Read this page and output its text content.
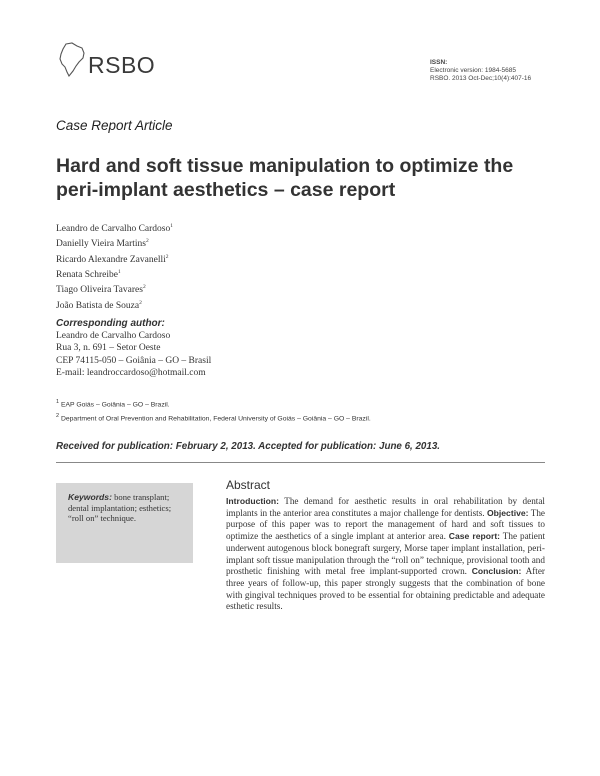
RSBO	ISSN:
Electronic version: 1984-5685
RSBO. 2013 Oct-Dec;10(4):407-16
Case Report Article
Hard and soft tissue manipulation to optimize the peri-implant aesthetics – case report
Leandro de Carvalho Cardoso$^1$
Danielly Vieira Martins$^2$
Ricardo Alexandre Zavanelli$^2$
Renata Schreibe$^1$
Tiago Oliveira Tavares$^2$
João Batista de Souza$^2$
Corresponding author:
Leandro de Carvalho Cardoso
Rua 3, n. 691 – Setor Oeste
CEP 74115-050 – Goiânia – GO – Brasil
E-mail: leandroccardoso@hotmail.com
$^1$ EAP Goiás – Goiânia – GO – Brazil.
$^2$ Department of Oral Prevention and Rehabilitation, Federal University of Goiás – Goiânia – GO – Brazil.
Received for publication: February 2, 2013. Accepted for publication: June 6, 2013.
Keywords: bone transplant; dental implantation; esthetics; “roll on” technique.
Abstract
Introduction: The demand for aesthetic results in oral rehabilitation by dental implants in the anterior area constitutes a major challenge for dentists. Objective: The purpose of this paper was to report the management of hard and soft tissues to optimize the aesthetics of a single implant at anterior area. Case report: The patient underwent autogenous block bonegraft surgery, Morse taper implant installation, peri-implant soft tissue manipulation through the “roll on” technique, provisional tooth and prosthetic finishing with metal free implant-supported crown. Conclusion: After three years of follow-up, this paper strongly suggests that the combination of bone with gingival techniques proved to be essential for obtaining predictable and adequate esthetic results.
